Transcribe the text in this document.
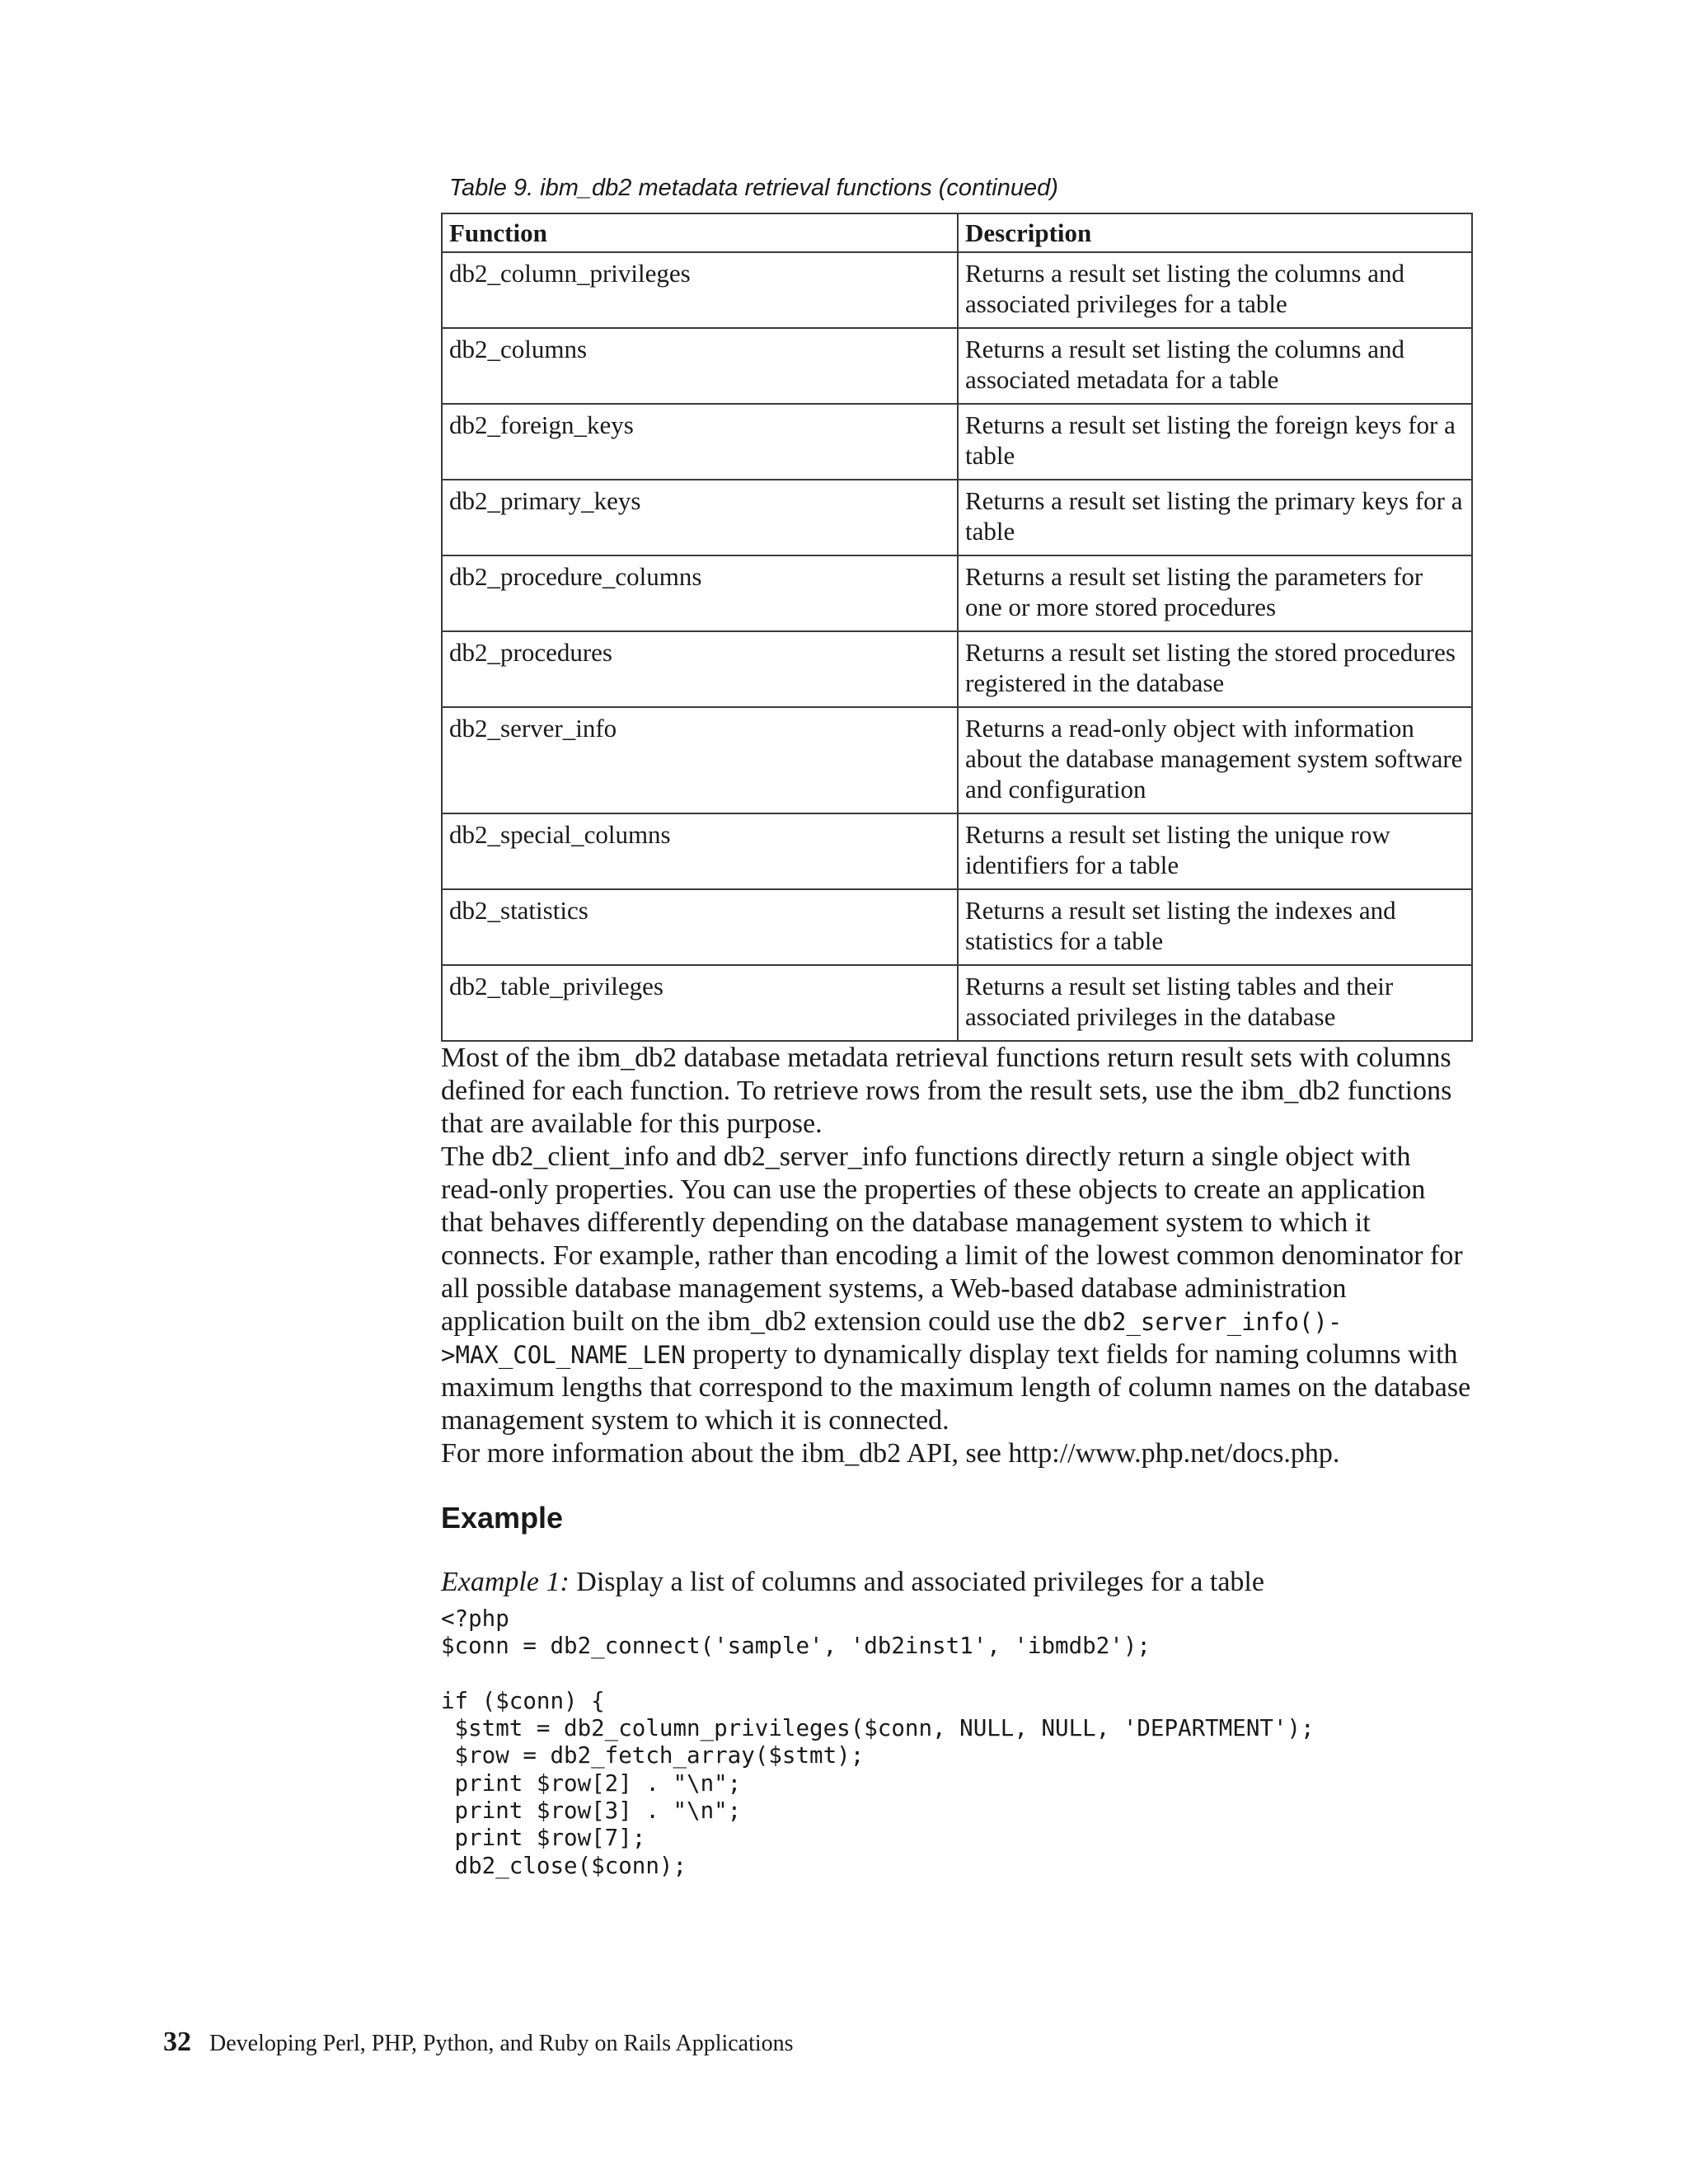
Table 9. ibm_db2 metadata retrieval functions (continued)
Function	Description
db2_column_privileges	Returns a result set listing the columns and associated privileges for a table
db2_columns	Returns a result set listing the columns and associated metadata for a table
db2_foreign_keys	Returns a result set listing the foreign keys for a table
db2_primary_keys	Returns a result set listing the primary keys for a table
db2_procedure_columns	Returns a result set listing the parameters for one or more stored procedures
db2_procedures	Returns a result set listing the stored procedures registered in the database
db2_server_info	Returns a read-only object with information about the database management system software and configuration
db2_special_columns	Returns a result set listing the unique row identifiers for a table
db2_statistics	Returns a result set listing the indexes and statistics for a table
db2_table_privileges	Returns a result set listing tables and their associated privileges in the database

Most of the ibm_db2 database metadata retrieval functions return result sets with columns defined for each function. To retrieve rows from the result sets, use the ibm_db2 functions that are available for this purpose.

The db2_client_info and db2_server_info functions directly return a single object with read-only properties. You can use the properties of these objects to create an application that behaves differently depending on the database management system to which it connects. For example, rather than encoding a limit of the lowest common denominator for all possible database management systems, a Web-based database administration application built on the ibm_db2 extension could use the db2_server_info()->MAX_COL_NAME_LEN property to dynamically display text fields for naming columns with maximum lengths that correspond to the maximum length of column names on the database management system to which it is connected.

For more information about the ibm_db2 API, see http://www.php.net/docs.php.

Example
Example 1: Display a list of columns and associated privileges for a table
<?php
$conn = db2_connect('sample', 'db2inst1', 'ibmdb2');

if ($conn) {
$stmt = db2_column_privileges($conn, NULL, NULL, 'DEPARTMENT');
$row = db2_fetch_array($stmt);
print $row[2] . "\n";
print $row[3] . "\n";
print $row[7];
db2_close($conn);
32 Developing Perl, PHP, Python, and Ruby on Rails Applications
